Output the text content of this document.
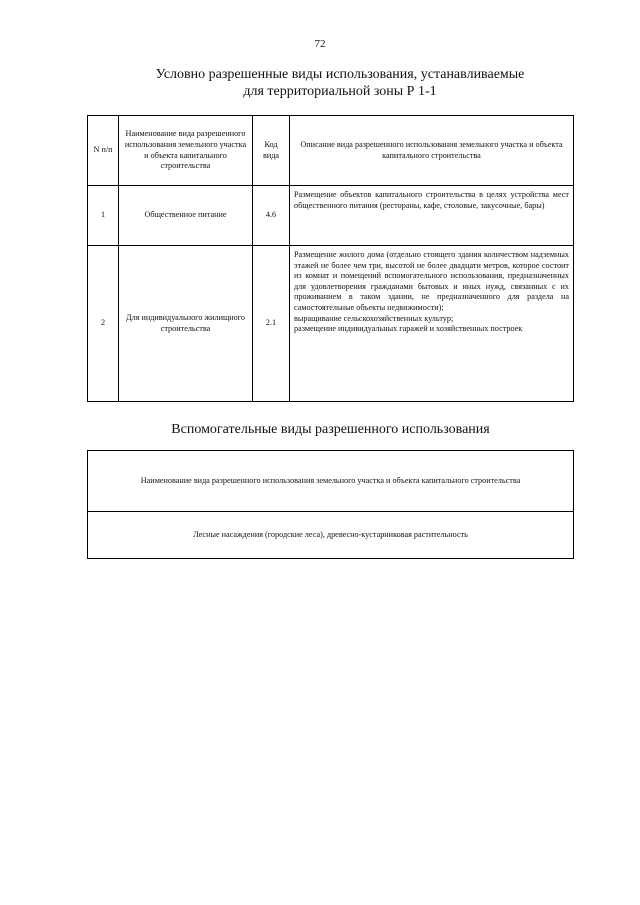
72
Условно разрешенные виды использования, устанавливаемые
для территориальной зоны Р 1-1
N п/п	Наименование вида разрешенного использования земельного участка и объекта капитального строительства	Код вида	Описание вида разрешенного использования земельного участка и объекта капитального строительства
1	Общественное питание	4.6	Размещение объектов капитального строительства в целях устройства мест общественного питания (рестораны, кафе, столовые, закусочные, бары)
2	Для индивидуального жилищного строительства	2.1	Размещение жилого дома (отдельно стоящего здания количеством надземных этажей не более чем три, высотой не более двадцати метров, которое состоит из комнат и помещений вспомогательного использования, предназначенных для удовлетворения гражданами бытовых и иных нужд, связанных с их проживанием в таком здании, не предназначенного для раздела на самостоятельные объекты недвижимости);
выращивание сельскохозяйственных культур;
размещение индивидуальных гаражей и хозяйственных построек
Вспомогательные виды разрешенного использования
Наименование вида разрешенного использования земельного участка и объекта капитального строительства
Лесные насаждения (городские леса), древесно-кустарниковая растительность
